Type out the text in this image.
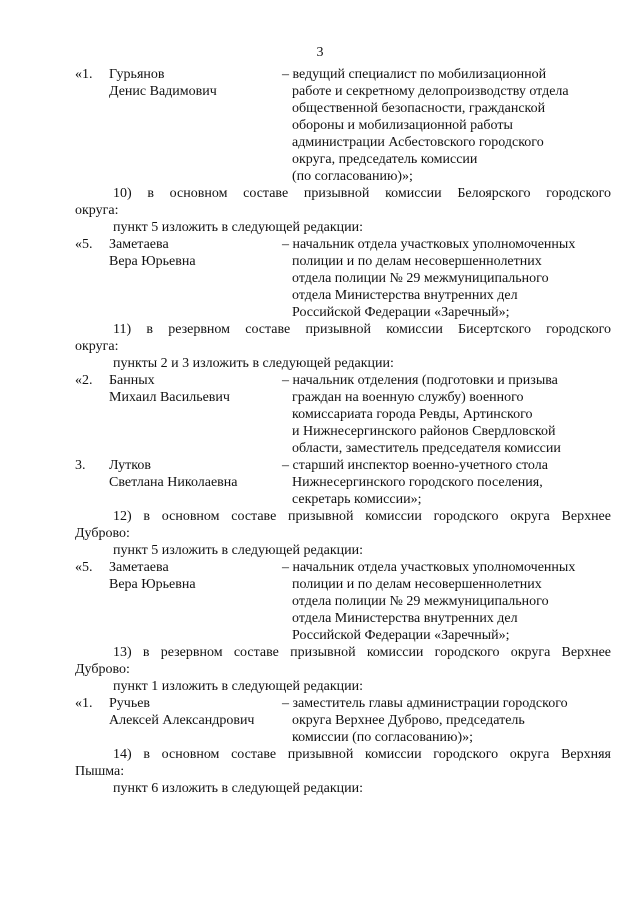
3
«1. Гурьянов
Денис Вадимович
– ведущий специалист по мобилизационной
работе и секретному делопроизводству отдела
общественной безопасности, гражданской
обороны и мобилизационной работы
администрации Асбестовского городского
округа, председатель комиссии
(по согласованию)»;
10) в основном составе призывной комиссии Белоярского городского
округа:
пункт 5 изложить в следующей редакции:
«5. Заметаева
Вера Юрьевна
– начальник отдела участковых уполномоченных
полиции и по делам несовершеннолетних
отдела полиции № 29 межмуниципального
отдела Министерства внутренних дел
Российской Федерации «Заречный»;
11) в резервном составе призывной комиссии Бисертского городского
округа:
пункты 2 и 3 изложить в следующей редакции:
«2. Банных
Михаил Васильевич
– начальник отделения (подготовки и призыва
граждан на военную службу) военного
комиссариата города Ревды, Артинского
и Нижнесергинского районов Свердловской
области, заместитель председателя комиссии
3. Лутков
Светлана Николаевна
– старший инспектор военно-учетного стола
Нижнесергинского городского поселения,
секретарь комиссии»;
12) в основном составе призывной комиссии городского округа Верхнее
Дуброво:
пункт 5 изложить в следующей редакции:
«5. Заметаева
Вера Юрьевна
– начальник отдела участковых уполномоченных
полиции и по делам несовершеннолетних
отдела полиции № 29 межмуниципального
отдела Министерства внутренних дел
Российской Федерации «Заречный»;
13) в резервном составе призывной комиссии городского округа Верхнее
Дуброво:
пункт 1 изложить в следующей редакции:
«1. Ручьев
Алексей Александрович
– заместитель главы администрации городского
округа Верхнее Дуброво, председатель
комиссии (по согласованию)»;
14) в основном составе призывной комиссии городского округа Верхняя
Пышма:
пункт 6 изложить в следующей редакции:
